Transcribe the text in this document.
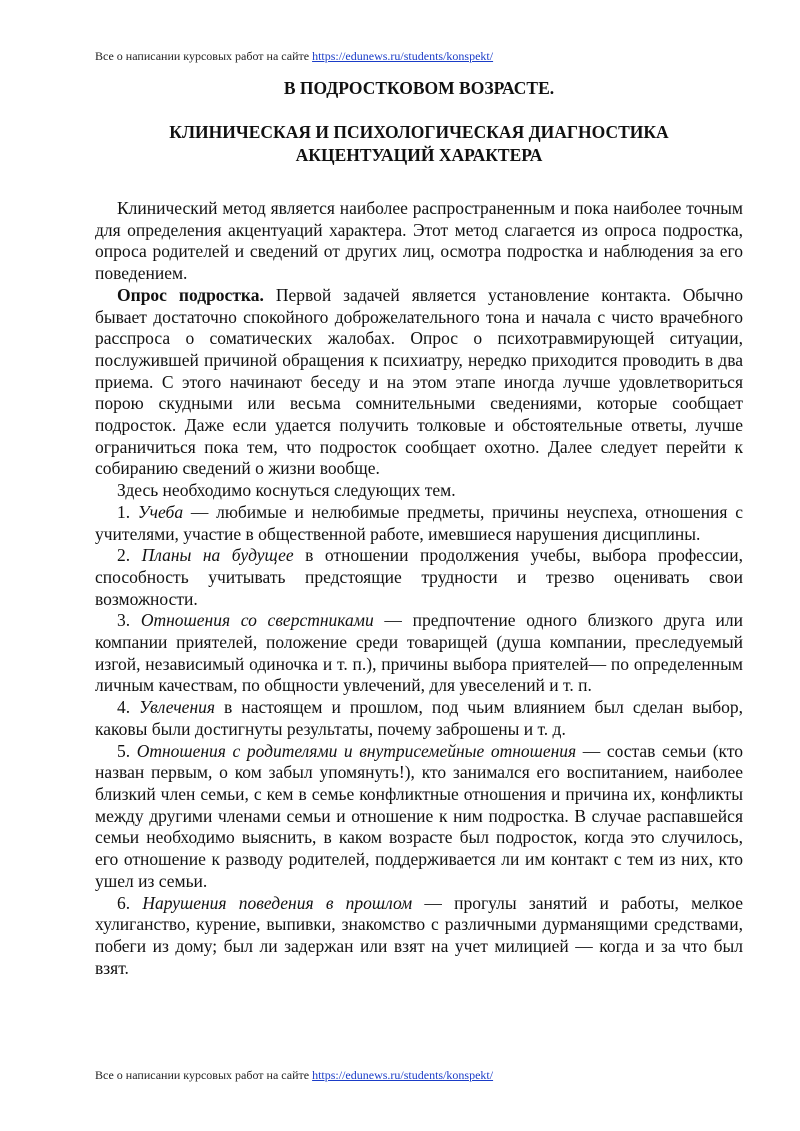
Все о написании курсовых работ на сайте https://edunews.ru/students/konspekt/
В ПОДРОСТКОВОМ ВОЗРАСТЕ.
КЛИНИЧЕСКАЯ И ПСИХОЛОГИЧЕСКАЯ ДИАГНОСТИКА
АКЦЕНТУАЦИЙ ХАРАКТЕРА

Клинический метод является наиболее распространенным и пока наиболее точным для определения акцентуаций характера. Этот метод слагается из опроса подростка, опроса родителей и сведений от других лиц, осмотра подростка и наблюдения за его поведением.

Опрос подростка. Первой задачей является установление контакта. Обычно бывает достаточно спокойного доброжелательного тона и начала с чисто врачебного расспроса о соматических жалобах. Опрос о психотравмирующей ситуации, послужившей причиной обращения к психиатру, нередко приходится проводить в два приема. С этого начинают беседу и на этом этапе иногда лучше удовлетвориться порою скудными или весьма сомнительными сведениями, которые сообщает подросток. Даже если удается получить толковые и обстоятельные ответы, лучше ограничиться пока тем, что подросток сообщает охотно. Далее следует перейти к собиранию сведений о жизни вообще.

Здесь необходимо коснуться следующих тем.

1. Учеба — любимые и нелюбимые предметы, причины неуспеха, отношения с учителями, участие в общественной работе, имевшиеся нарушения дисциплины.

2. Планы на будущее в отношении продолжения учебы, выбора профессии, способность учитывать предстоящие трудности и трезво оценивать свои возможности.

3. Отношения со сверстниками — предпочтение одного близкого друга или компании приятелей, положение среди товарищей (душа компании, преследуемый изгой, независимый одиночка и т. п.), причины выбора приятелей— по определенным личным качествам, по общности увлечений, для увеселений и т. п.

4. Увлечения в настоящем и прошлом, под чьим влиянием был сделан выбор, каковы были достигнуты результаты, почему заброшены и т. д.

5. Отношения с родителями и внутрисемейные отношения — состав семьи (кто назван первым, о ком забыл упомянуть!), кто занимался его воспитанием, наиболее близкий член семьи, с кем в семье конфликтные отношения и причина их, конфликты между другими членами семьи и отношение к ним подростка. В случае распавшейся семьи необходимо выяснить, в каком возрасте был подросток, когда это случилось, его отношение к разводу родителей, поддерживается ли им контакт с тем из них, кто ушел из семьи.

6. Нарушения поведения в прошлом — прогулы занятий и работы, мелкое хулиганство, курение, выпивки, знакомство с различными дурманящими средствами, побеги из дому; был ли задержан или взят на учет милицией — когда и за что был взят.

Все о написании курсовых работ на сайте https://edunews.ru/students/konspekt/
